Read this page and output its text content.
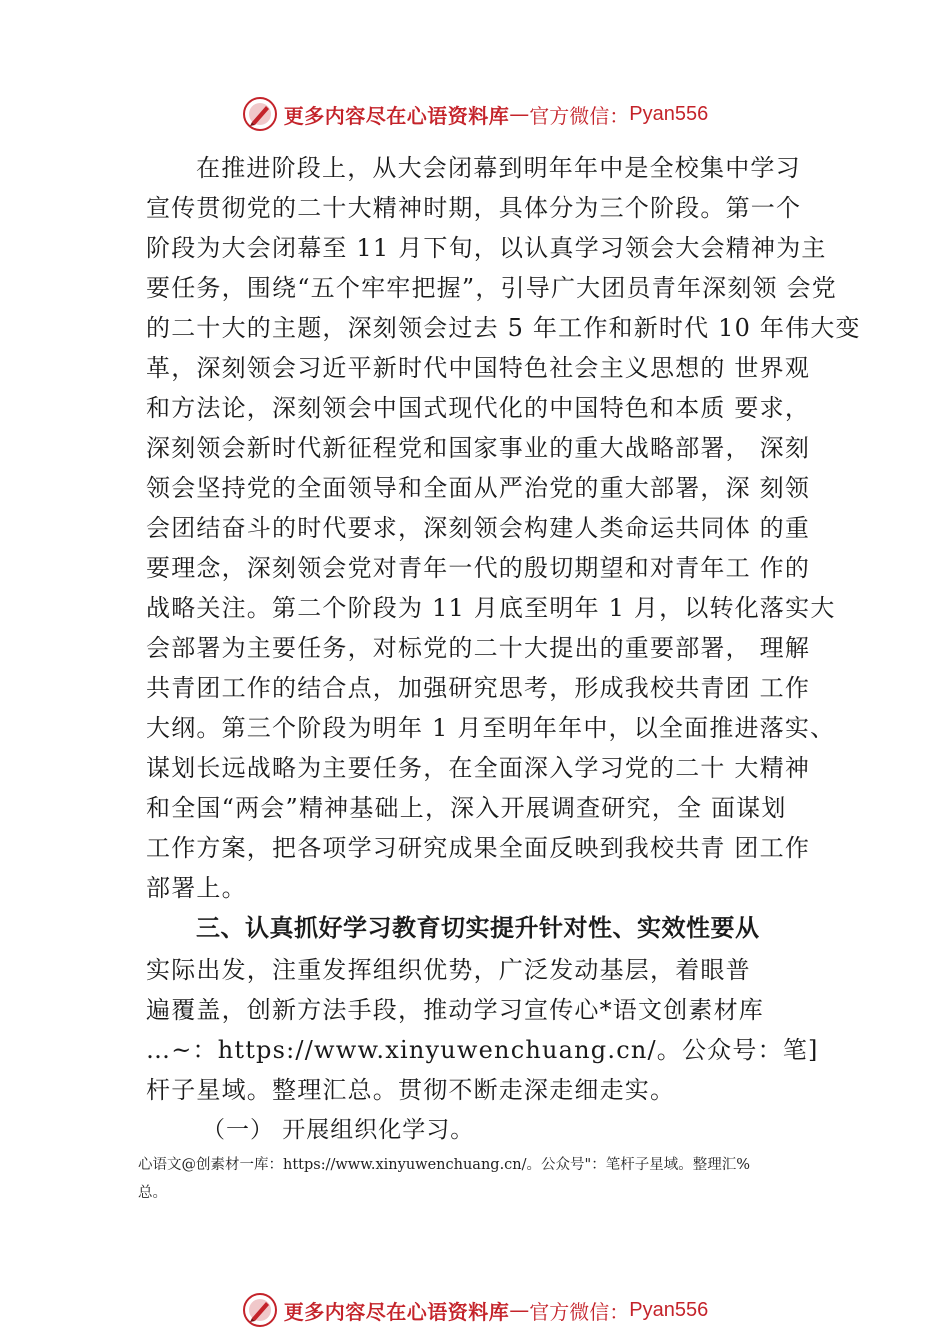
更多内容尽在心语资料库 — 官方微信： Pyan556
在推进阶段上，从大会闭幕到明年年中是全校集中学习
宣传贯彻党的二十大精神时期，具体分为三个阶段。第一个
阶段为大会闭幕至 11 月下旬，以认真学习领会大会精神为主
要任务，围绕“五个牢牢把握”，引导广大团员青年深刻领 会党
的二十大的主题，深刻领会过去 5 年工作和新时代 10 年伟大变
革，深刻领会习近平新时代中国特色社会主义思想的 世界观
和方法论，深刻领会中国式现代化的中国特色和本质 要求，
深刻领会新时代新征程党和国家事业的重大战略部署， 深刻
领会坚持党的全面领导和全面从严治党的重大部署，深 刻领
会团结奋斗的时代要求，深刻领会构建人类命运共同体 的重
要理念，深刻领会党对青年一代的殷切期望和对青年工 作的
战略关注。第二个阶段为 11 月底至明年 1 月，以转化落实大
会部署为主要任务，对标党的二十大提出的重要部署， 理解
共青团工作的结合点，加强研究思考，形成我校共青团 工作
大纲。第三个阶段为明年 1 月至明年年中，以全面推进落实、
谋划长远战略为主要任务，在全面深入学习党的二十 大精神
和全国“两会”精神基础上，深入开展调查研究，全 面谋划
工作方案，把各项学习研究成果全面反映到我校共青 团工作
部署上。
三、认真抓好学习教育切实提升针对性、实效性要从
实际出发，注重发挥组织优势，广泛发动基层，着眼普
遍覆盖，创新方法手段，推动学习宣传心*语文创素材库
…~：https://www.xinyuwenchuang.cn/。公众号：笔]
杆子星域。整理汇总。贯彻不断走深走细走实。
（一） 开展组织化学习。
心语文@创素材一库：https://www.xinyuwenchuang.cn/。公众号"：笔杆子星域。整理汇%
总。
更多内容尽在心语资料库 — 官方微信： Pyan556
